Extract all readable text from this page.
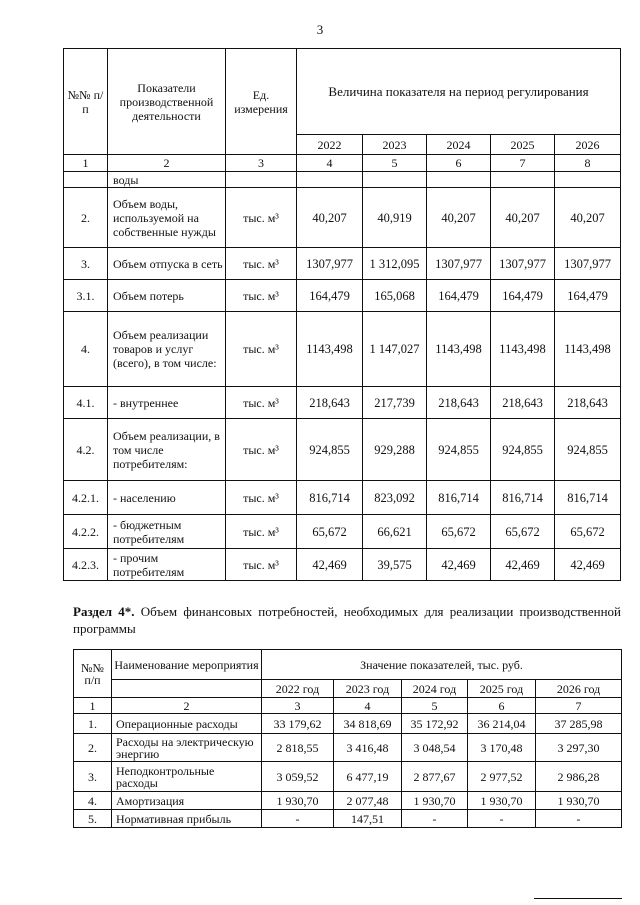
3
№№ п/п	Показатели производственной деятельности	Ед. измерения	Величина показателя на период регулирования				
			2022	2023	2024	2025	2026
1	2	3	4	5	6	7	8
	воды						
2.	Объем воды, используемой на собственные нужды	тыс. м³	40,207	40,919	40,207	40,207	40,207
3.	Объем отпуска в сеть	тыс. м³	1307,977	1 312,095	1307,977	1307,977	1307,977
3.1.	Объем потерь	тыс. м³	164,479	165,068	164,479	164,479	164,479
4.	Объем реализации товаров и услуг (всего), в том числе:	тыс. м³	1143,498	1 147,027	1143,498	1143,498	1143,498
4.1.	- внутреннее	тыс. м³	218,643	217,739	218,643	218,643	218,643
4.2.	Объем реализации, в том числе потребителям:	тыс. м³	924,855	929,288	924,855	924,855	924,855
4.2.1.	- населению	тыс. м³	816,714	823,092	816,714	816,714	816,714
4.2.2.	- бюджетным потребителям	тыс. м³	65,672	66,621	65,672	65,672	65,672
4.2.3.	- прочим потребителям	тыс. м³	42,469	39,575	42,469	42,469	42,469
Раздел 4*. Объем финансовых потребностей, необходимых для реализации производственной программы
№№ п/п	Наименование мероприятия	Значение показателей, тыс. руб.				
		2022 год	2023 год	2024 год	2025 год	2026 год
1	2	3	4	5	6	7
1.	Операционные расходы	33 179,62	34 818,69	35 172,92	36 214,04	37 285,98
2.	Расходы на электрическую энергию	2 818,55	3 416,48	3 048,54	3 170,48	3 297,30
3.	Неподконтрольные расходы	3 059,52	6 477,19	2 877,67	2 977,52	2 986,28
4.	Амортизация	1 930,70	2 077,48	1 930,70	1 930,70	1 930,70
5.	Нормативная прибыль	-	147,51	-	-	-
